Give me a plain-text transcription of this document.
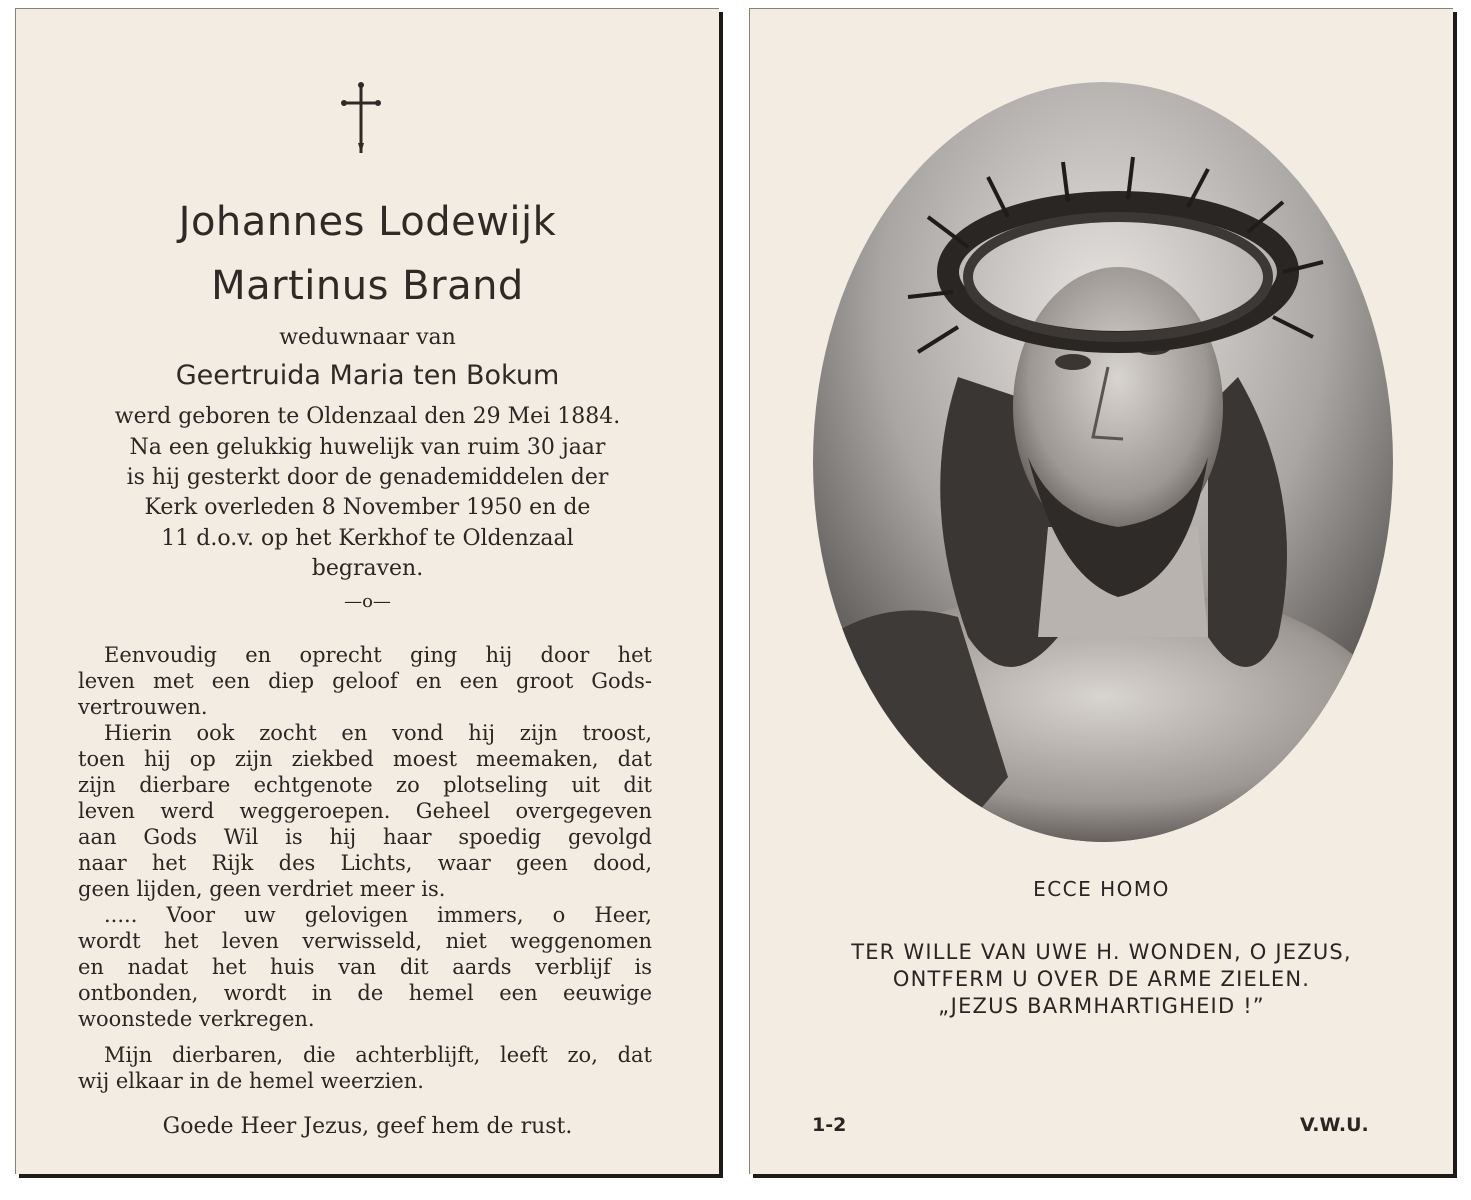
Johannes Lodewijk
Martinus Brand
weduwnaar van
Geertruida Maria ten Bokum
werd geboren te Oldenzaal den 29 Mei 1884.
Na een gelukkig huwelijk van ruim 30 jaar
is hij gesterkt door de genademiddelen der
Kerk overleden 8 November 1950 en de
11 d.o.v. op het Kerkhof te Oldenzaal
begraven.
—o—
Eenvoudig en oprecht ging hij door het
leven met een diep geloof en een groot Gods-
vertrouwen.
Hierin ook zocht en vond hij zijn troost,
toen hij op zijn ziekbed moest meemaken, dat
zijn dierbare echtgenote zo plotseling uit dit
leven werd weggeroepen. Geheel overgegeven
aan Gods Wil is hij haar spoedig gevolgd
naar het Rijk des Lichts, waar geen dood,
geen lijden, geen verdriet meer is.
..... Voor uw gelovigen immers, o Heer,
wordt het leven verwisseld, niet weggenomen
en nadat het huis van dit aards verblijf is
ontbonden, wordt in de hemel een eeuwige
woonstede verkregen.
Mijn dierbaren, die achterblijft, leeft zo, dat
wij elkaar in de hemel weerzien.
Goede Heer Jezus, geef hem de rust.
ECCE HOMO
TER WILLE VAN UWE H. WONDEN, O JEZUS,
ONTFERM U OVER DE ARME ZIELEN.
„JEZUS BARMHARTIGHEID !”
1-2	V.W.U.
